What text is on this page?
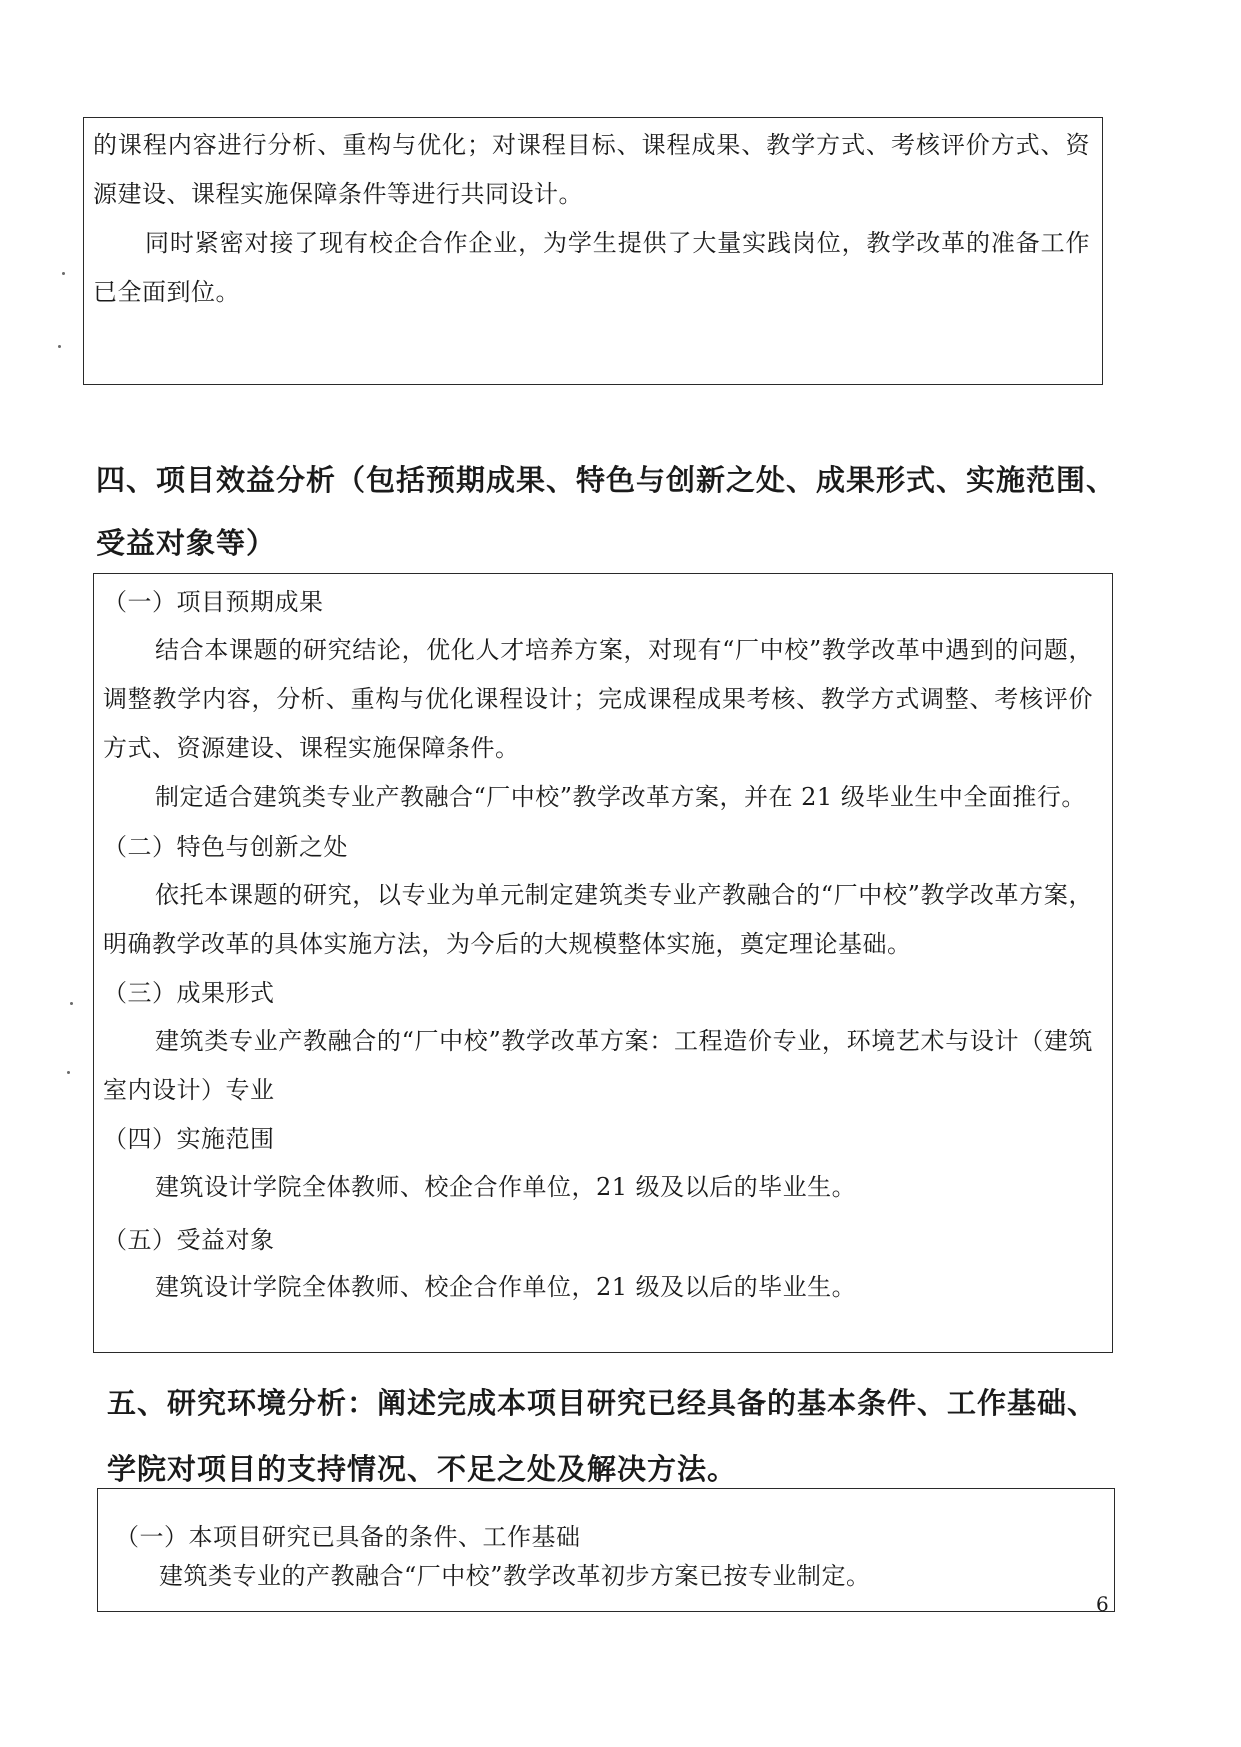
的课程内容进行分析、重构与优化；对课程目标、课程成果、教学方式、考核评价方式、资源建设、课程实施保障条件等进行共同设计。
同时紧密对接了现有校企合作企业，为学生提供了大量实践岗位，教学改革的准备工作已全面到位。
四、项目效益分析（包括预期成果、特色与创新之处、成果形式、实施范围、
受益对象等）
（一）项目预期成果
结合本课题的研究结论，优化人才培养方案，对现有“厂中校”教学改革中遇到的问题，调整教学内容，分析、重构与优化课程设计；完成课程成果考核、教学方式调整、考核评价方式、资源建设、课程实施保障条件。
制定适合建筑类专业产教融合“厂中校”教学改革方案，并在 21 级毕业生中全面推行。
（二）特色与创新之处
依托本课题的研究，以专业为单元制定建筑类专业产教融合的“厂中校”教学改革方案，明确教学改革的具体实施方法，为今后的大规模整体实施，奠定理论基础。
（三）成果形式
建筑类专业产教融合的“厂中校”教学改革方案：工程造价专业，环境艺术与设计（建筑室内设计）专业
（四）实施范围
建筑设计学院全体教师、校企合作单位，21 级及以后的毕业生。
（五）受益对象
建筑设计学院全体教师、校企合作单位，21 级及以后的毕业生。
五、研究环境分析：阐述完成本项目研究已经具备的基本条件、工作基础、学院对项目的支持情况、不足之处及解决方法。
（一）本项目研究已具备的条件、工作基础
建筑类专业的产教融合“厂中校”教学改革初步方案已按专业制定。
6
